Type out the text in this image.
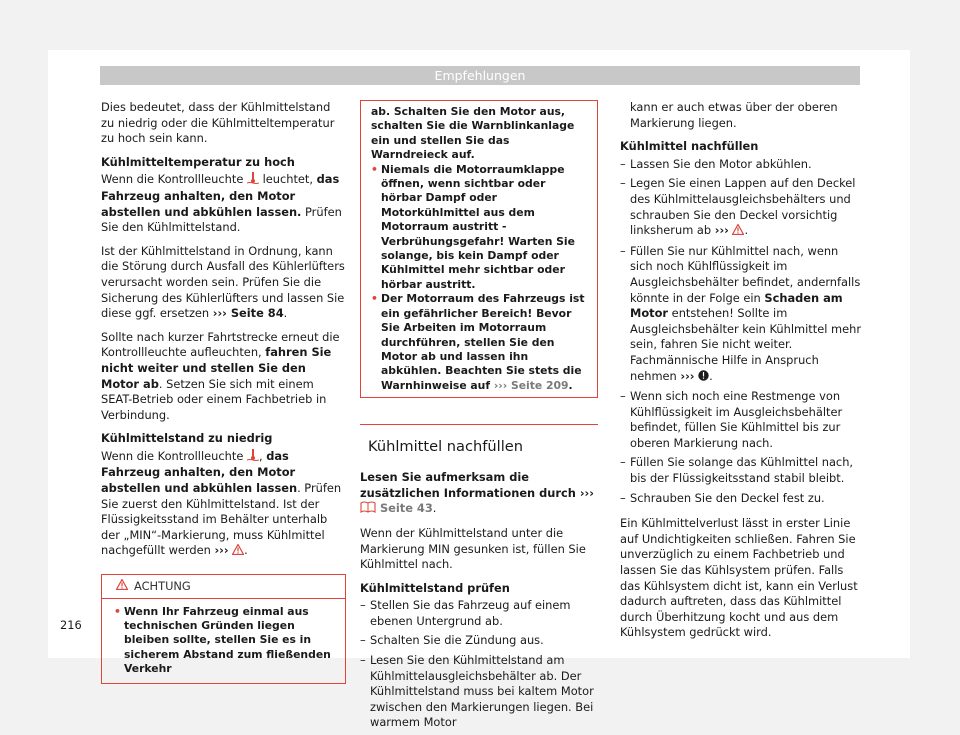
Empfehlungen

Dies bedeutet, dass der Kühlmittelstand zu niedrig oder die Kühlmitteltemperatur zu hoch sein kann.

Kühlmitteltemperatur zu hoch

Wenn die Kontrollleuchte  leuchtet, das Fahrzeug anhalten, den Motor abstellen und abkühlen lassen. Prüfen Sie den Kühlmittelstand.

Ist der Kühlmittelstand in Ordnung, kann die Störung durch Ausfall des Kühlerlüfters verursacht worden sein. Prüfen Sie die Sicherung des Kühlerlüfters und lassen Sie diese ggf. ersetzen ››› Seite 84.

Sollte nach kurzer Fahrtstrecke erneut die Kontrollleuchte aufleuchten, fahren Sie nicht weiter und stellen Sie den Motor ab. Setzen Sie sich mit einem SEAT-Betrieb oder einem Fachbetrieb in Verbindung.

Kühlmittelstand zu niedrig

Wenn die Kontrollleuchte , das Fahrzeug anhalten, den Motor abstellen und abkühlen lassen. Prüfen Sie zuerst den Kühlmittelstand. Ist der Flüssigkeitsstand im Behälter unterhalb der „MIN“-Markierung, muss Kühlmittel nachgefüllt werden ››› .

ACHTUNG
• Wenn Ihr Fahrzeug einmal aus technischen Gründen liegen bleiben sollte, stellen Sie es in sicherem Abstand zum fließenden Verkehr
ab. Schalten Sie den Motor aus, schalten Sie die Warnblinkanlage ein und stellen Sie das Warndreieck auf.
• Niemals die Motorraumklappe öffnen, wenn sichtbar oder hörbar Dampf oder Motorkühlmittel aus dem Motorraum austritt - Verbrühungsgefahr! Warten Sie solange, bis kein Dampf oder Kühlmittel mehr sichtbar oder hörbar austritt.
• Der Motorraum des Fahrzeugs ist ein gefährlicher Bereich! Bevor Sie Arbeiten im Motorraum durchführen, stellen Sie den Motor ab und lassen ihn abkühlen. Beachten Sie stets die Warnhinweise auf ››› Seite 209.
Kühlmittel nachfüllen

Lesen Sie aufmerksam die zusätzlichen Informationen durch ›››  Seite 43.

Wenn der Kühlmittelstand unter die Markierung MIN gesunken ist, füllen Sie Kühlmittel nach.

Kühlmittelstand prüfen

– Stellen Sie das Fahrzeug auf einem ebenen Untergrund ab.
– Schalten Sie die Zündung aus.
– Lesen Sie den Kühlmittelstand am Kühlmittelausgleichsbehälter ab. Der Kühlmittelstand muss bei kaltem Motor zwischen den Markierungen liegen. Bei warmem Motor

kann er auch etwas über der oberen Markierung liegen.

Kühlmittel nachfüllen

– Lassen Sie den Motor abkühlen.
– Legen Sie einen Lappen auf den Deckel des Kühlmittelausgleichsbehälters und schrauben Sie den Deckel vorsichtig linksherum ab ››› .
– Füllen Sie nur Kühlmittel nach, wenn sich noch Kühlflüssigkeit im Ausgleichsbehälter befindet, andernfalls könnte in der Folge ein Schaden am Motor entstehen! Sollte im Ausgleichsbehälter kein Kühlmittel mehr sein, fahren Sie nicht weiter. Fachmännische Hilfe in Anspruch nehmen ››› .
– Wenn sich noch eine Restmenge von Kühlflüssigkeit im Ausgleichsbehälter befindet, füllen Sie Kühlmittel bis zur oberen Markierung nach.
– Füllen Sie solange das Kühlmittel nach, bis der Flüssigkeitsstand stabil bleibt.
– Schrauben Sie den Deckel fest zu.

Ein Kühlmittelverlust lässt in erster Linie auf Undichtigkeiten schließen. Fahren Sie unverzüglich zu einem Fachbetrieb und lassen Sie das Kühlsystem prüfen. Falls das Kühlsystem dicht ist, kann ein Verlust dadurch auftreten, dass das Kühlmittel durch Überhitzung kocht und aus dem Kühlsystem gedrückt wird.

216
